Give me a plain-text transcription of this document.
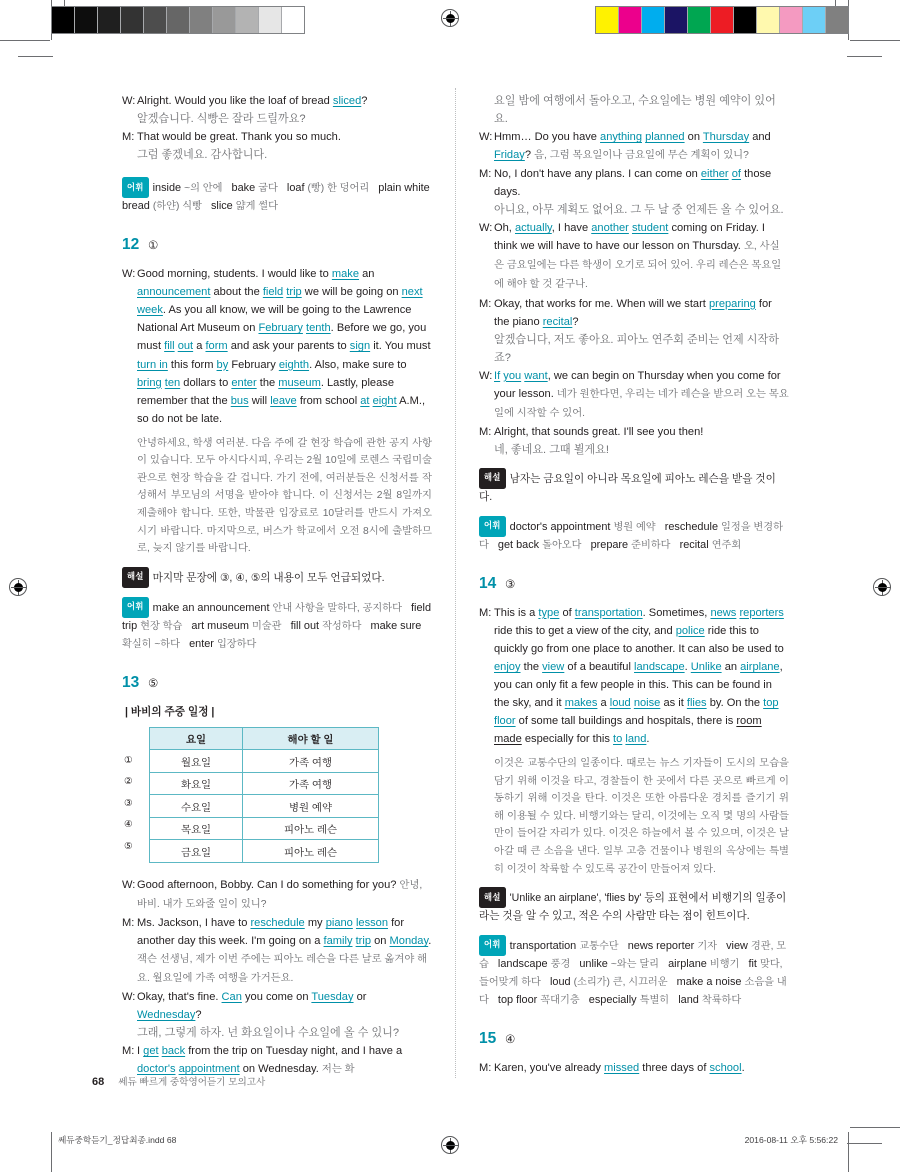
W: Alright. Would you like the loaf of bread sliced?
알겠습니다. 식빵은 잘라 드릴까요?
M: That would be great. Thank you so much.
그럼 좋겠네요. 감사합니다.
어휘 inside ~의 안에   bake 굽다   loaf (빵) 한 덩어리   plain white bread (하얀) 식빵   slice 얇게 썰다
12 ①
W: Good morning, students. I would like to make an announcement about the field trip we will be going on next week. As you all know, we will be going to the Lawrence National Art Museum on February tenth. Before we go, you must fill out a form and ask your parents to sign it. You must turn in this form by February eighth. Also, make sure to bring ten dollars to enter the museum. Lastly, please remember that the bus will leave from school at eight A.M., so do not be late.
안녕하세요, 학생 여러분. 다음 주에 갈 현장 학습에 관한 공지 사항이 있습니다. 모두 아시다시피, 우리는 2월 10일에 로렌스 국립미술관으로 현장 학습을 갈 겁니다. 가기 전에, 여러분들은 신청서를 작성해서 부모님의 서명을 받아야 합니다. 이 신청서는 2월 8일까지 제출해야 합니다. 또한, 박물관 입장료로 10달러를 반드시 가져오시기 바랍니다. 마지막으로, 버스가 학교에서 오전 8시에 출발하므로, 늦지 않기를 바랍니다.
해설 마지막 문장에 ③, ④, ⑤의 내용이 모두 언급되었다.
어휘 make an announcement 안내 사항을 말하다, 공지하다   field trip 현장 학습   art museum 미술관   fill out 작성하다   make sure 확실히 ~하다   enter 입장하다
13 ⑤
| 바비의 주중 일정 |
①
②
③
④
⑤
요일	해야 할 일
월요일	가족 여행
화요일	가족 여행
수요일	병원 예약
목요일	피아노 레슨
금요일	피아노 레슨
W: Good afternoon, Bobby. Can I do something for you? 안녕, 바비. 내가 도와줄 일이 있니?
M: Ms. Jackson, I have to reschedule my piano lesson for another day this week. I'm going on a family trip on Monday. 잭슨 선생님, 제가 이번 주에는 피아노 레슨을 다른 날로 옮겨야 해요. 월요일에 가족 여행을 가거든요.
W: Okay, that's fine. Can you come on Tuesday or Wednesday?
그래, 그렇게 하자. 넌 화요일이나 수요일에 올 수 있니?
M: I get back from the trip on Tuesday night, and I have a doctor's appointment on Wednesday. 저는 화
요일 밤에 여행에서 돌아오고, 수요일에는 병원 예약이 있어요.
W: Hmm… Do you have anything planned on Thursday and Friday? 음, 그럼 목요일이나 금요일에 무슨 계획이 있니?
M: No, I don't have any plans. I can come on either of those days.
아니요, 아무 계획도 없어요. 그 두 날 중 언제든 올 수 있어요.
W: Oh, actually, I have another student coming on Friday. I think we will have to have our lesson on Thursday. 오, 사실은 금요일에는 다른 학생이 오기로 되어 있어. 우리 레슨은 목요일에 해야 할 것 같구나.
M: Okay, that works for me. When will we start preparing for the piano recital?
알겠습니다, 저도 좋아요. 피아노 연주회 준비는 언제 시작하죠?
W: If you want, we can begin on Thursday when you come for your lesson. 네가 원한다면, 우리는 네가 레슨을 받으러 오는 목요일에 시작할 수 있어.
M: Alright, that sounds great. I'll see you then!
네, 좋네요. 그때 뵐게요!
해설 남자는 금요일이 아니라 목요일에 피아노 레슨을 받을 것이다.
어휘 doctor's appointment 병원 예약   reschedule 일정을 변경하다   get back 돌아오다   prepare 준비하다   recital 연주회
14 ③
M: This is a type of transportation. Sometimes, news reporters ride this to get a view of the city, and police ride this to quickly go from one place to another. It can also be used to enjoy the view of a beautiful landscape. Unlike an airplane, you can only fit a few people in this. This can be found in the sky, and it makes a loud noise as it flies by. On the top floor of some tall buildings and hospitals, there is room made especially for this to land.
이것은 교통수단의 일종이다. 때로는 뉴스 기자들이 도시의 모습을 담기 위해 이것을 타고, 경찰들이 한 곳에서 다른 곳으로 빠르게 이동하기 위해 이것을 탄다. 이것은 또한 아름다운 경치를 즐기기 위해 이용될 수 있다. 비행기와는 달리, 이것에는 오직 몇 명의 사람들만이 들어갈 자리가 있다. 이것은 하늘에서 볼 수 있으며, 이것은 날아갈 때 큰 소음을 낸다. 일부 고층 건물이나 병원의 옥상에는 특별히 이것이 착륙할 수 있도록 공간이 만들어져 있다.
해설 'Unlike an airplane', 'flies by' 등의 표현에서 비행기의 일종이라는 것을 알 수 있고, 적은 수의 사람만 타는 점이 힌트이다.
어휘 transportation 교통수단   news reporter 기자   view 경관, 모습   landscape 풍경   unlike ~와는 달리   airplane 비행기   fit 맞다, 들어맞게 하다   loud (소리가) 큰, 시끄러운   make a noise 소음을 내다   top floor 꼭대기층   especially 특별히   land 착륙하다
15 ④
M: Karen, you've already missed three days of school.
68 쎄듀 빠르게 중학영어듣기 모의고사
쎄듀중학듣기_정답최종.indd 68	2016-08-11 오후 5:56:22
